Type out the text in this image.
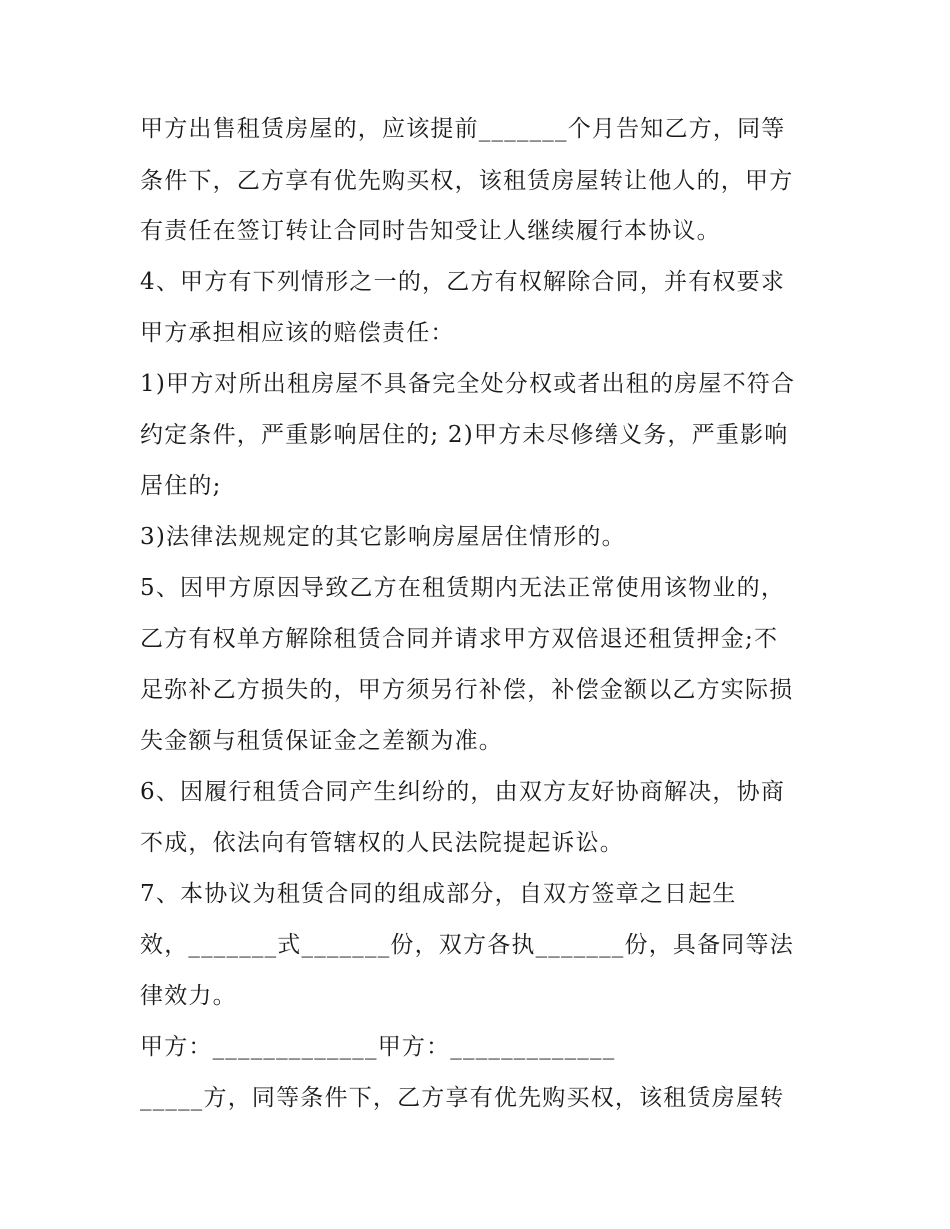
甲方出售租赁房屋的，应该提前_______个月告知乙方，同等
条件下，乙方享有优先购买权，该租赁房屋转让他人的，甲方
有责任在签订转让合同时告知受让人继续履行本协议。
4、甲方有下列情形之一的，乙方有权解除合同，并有权要求
甲方承担相应该的赔偿责任：
1)甲方对所出租房屋不具备完全处分权或者出租的房屋不符合
约定条件，严重影响居住的; 2)甲方未尽修缮义务，严重影响
居住的;
3)法律法规规定的其它影响房屋居住情形的。
5、因甲方原因导致乙方在租赁期内无法正常使用该物业的，
乙方有权单方解除租赁合同并请求甲方双倍退还租赁押金;不
足弥补乙方损失的，甲方须另行补偿，补偿金额以乙方实际损
失金额与租赁保证金之差额为准。
6、因履行租赁合同产生纠纷的，由双方友好协商解决，协商
不成，依法向有管辖权的人民法院提起诉讼。
7、本协议为租赁合同的组成部分，自双方签章之日起生
效，_______式_______份，双方各执_______份，具备同等法
律效力。
甲方：_____________甲方：_____________
_____方，同等条件下，乙方享有优先购买权，该租赁房屋转
